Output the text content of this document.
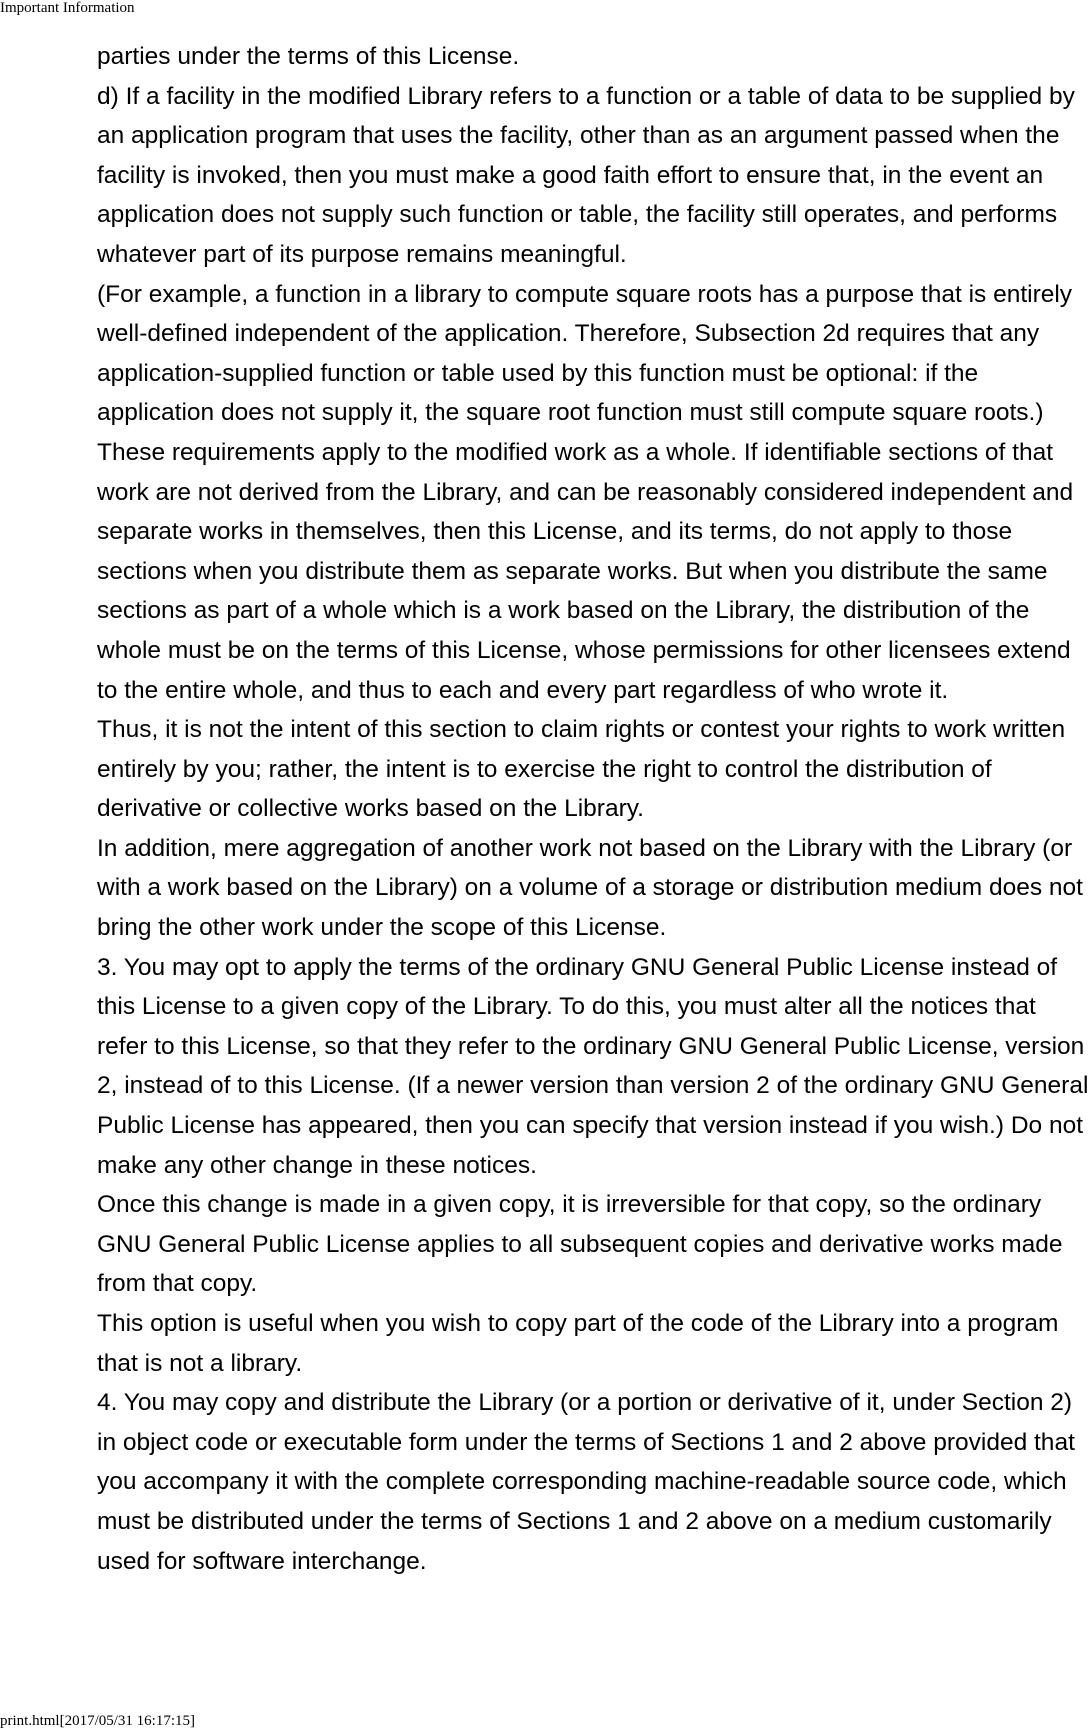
Important Information

parties under the terms of this License.

d) If a facility in the modified Library refers to a function or a table of data to be supplied by an application program that uses the facility, other than as an argument passed when the facility is invoked, then you must make a good faith effort to ensure that, in the event an application does not supply such function or table, the facility still operates, and performs whatever part of its purpose remains meaningful.

(For example, a function in a library to compute square roots has a purpose that is entirely well-defined independent of the application. Therefore, Subsection 2d requires that any application-supplied function or table used by this function must be optional: if the application does not supply it, the square root function must still compute square roots.)

These requirements apply to the modified work as a whole. If identifiable sections of that work are not derived from the Library, and can be reasonably considered independent and separate works in themselves, then this License, and its terms, do not apply to those sections when you distribute them as separate works. But when you distribute the same sections as part of a whole which is a work based on the Library, the distribution of the whole must be on the terms of this License, whose permissions for other licensees extend to the entire whole, and thus to each and every part regardless of who wrote it.

Thus, it is not the intent of this section to claim rights or contest your rights to work written entirely by you; rather, the intent is to exercise the right to control the distribution of derivative or collective works based on the Library.

In addition, mere aggregation of another work not based on the Library with the Library (or with a work based on the Library) on a volume of a storage or distribution medium does not bring the other work under the scope of this License.

3. You may opt to apply the terms of the ordinary GNU General Public License instead of this License to a given copy of the Library. To do this, you must alter all the notices that refer to this License, so that they refer to the ordinary GNU General Public License, version 2, instead of to this License. (If a newer version than version 2 of the ordinary GNU General Public License has appeared, then you can specify that version instead if you wish.) Do not make any other change in these notices.

Once this change is made in a given copy, it is irreversible for that copy, so the ordinary GNU General Public License applies to all subsequent copies and derivative works made from that copy.

This option is useful when you wish to copy part of the code of the Library into a program that is not a library.

4. You may copy and distribute the Library (or a portion or derivative of it, under Section 2) in object code or executable form under the terms of Sections 1 and 2 above provided that you accompany it with the complete corresponding machine-readable source code, which must be distributed under the terms of Sections 1 and 2 above on a medium customarily used for software interchange.

print.html[2017/05/31 16:17:15]
